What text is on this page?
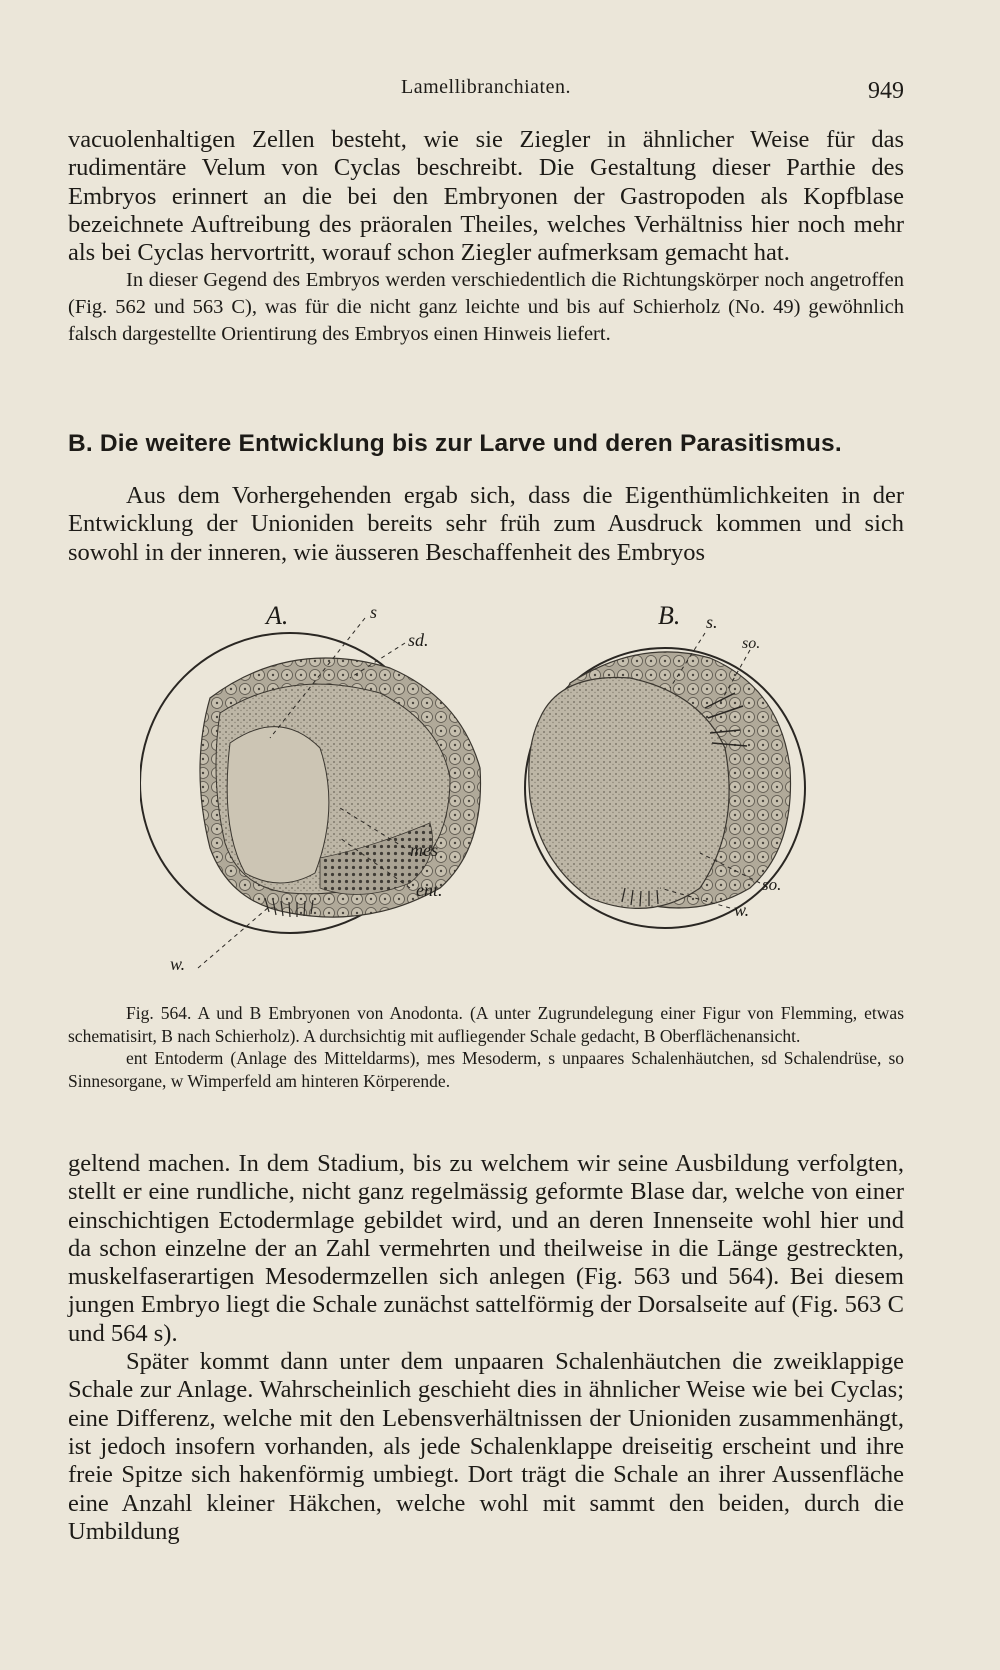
Lamellibranchiaten.	949

vacuolenhaltigen Zellen besteht, wie sie Ziegler in ähnlicher Weise für das rudimentäre Velum von Cyclas beschreibt. Die Gestaltung dieser Parthie des Embryos erinnert an die bei den Embryonen der Gastropoden als Kopfblase bezeichnete Auftreibung des präoralen Theiles, welches Verhältniss hier noch mehr als bei Cyclas hervortritt, worauf schon Ziegler aufmerksam gemacht hat.

In dieser Gegend des Embryos werden verschiedentlich die Richtungskörper noch angetroffen (Fig. 562 und 563 C), was für die nicht ganz leichte und bis auf Schierholz (No. 49) gewöhnlich falsch dargestellte Orientirung des Embryos einen Hinweis liefert.

B. Die weitere Entwicklung bis zur Larve und deren Parasitismus.

Aus dem Vorhergehenden ergab sich, dass die Eigenthümlichkeiten in der Entwicklung der Unioniden bereits sehr früh zum Ausdruck kommen und sich sowohl in der inneren, wie äusseren Beschaffenheit des Embryos

A.	s
sd.
mes
ent.
w.
B. s.
so.
so.
w.

Fig. 564. A und B Embryonen von Anodonta. (A unter Zugrundelegung einer Figur von Flemming, etwas schematisirt, B nach Schierholz). A durchsichtig mit aufliegender Schale gedacht, B Oberflächenansicht.

ent Entoderm (Anlage des Mitteldarms), mes Mesoderm, s unpaares Schalenhäutchen, sd Schalendrüse, so Sinnesorgane, w Wimperfeld am hinteren Körperende.

geltend machen. In dem Stadium, bis zu welchem wir seine Ausbildung verfolgten, stellt er eine rundliche, nicht ganz regelmässig geformte Blase dar, welche von einer einschichtigen Ectodermlage gebildet wird, und an deren Innenseite wohl hier und da schon einzelne der an Zahl vermehrten und theilweise in die Länge gestreckten, muskelfaserartigen Mesodermzellen sich anlegen (Fig. 563 und 564). Bei diesem jungen Embryo liegt die Schale zunächst sattelförmig der Dorsalseite auf (Fig. 563 C und 564 s).

Später kommt dann unter dem unpaaren Schalenhäutchen die zweiklappige Schale zur Anlage. Wahrscheinlich geschieht dies in ähnlicher Weise wie bei Cyclas; eine Differenz, welche mit den Lebensverhältnissen der Unioniden zusammenhängt, ist jedoch insofern vorhanden, als jede Schalenklappe dreiseitig erscheint und ihre freie Spitze sich hakenförmig umbiegt. Dort trägt die Schale an ihrer Aussenfläche eine Anzahl kleiner Häkchen, welche wohl mit sammt den beiden, durch die Umbildung
